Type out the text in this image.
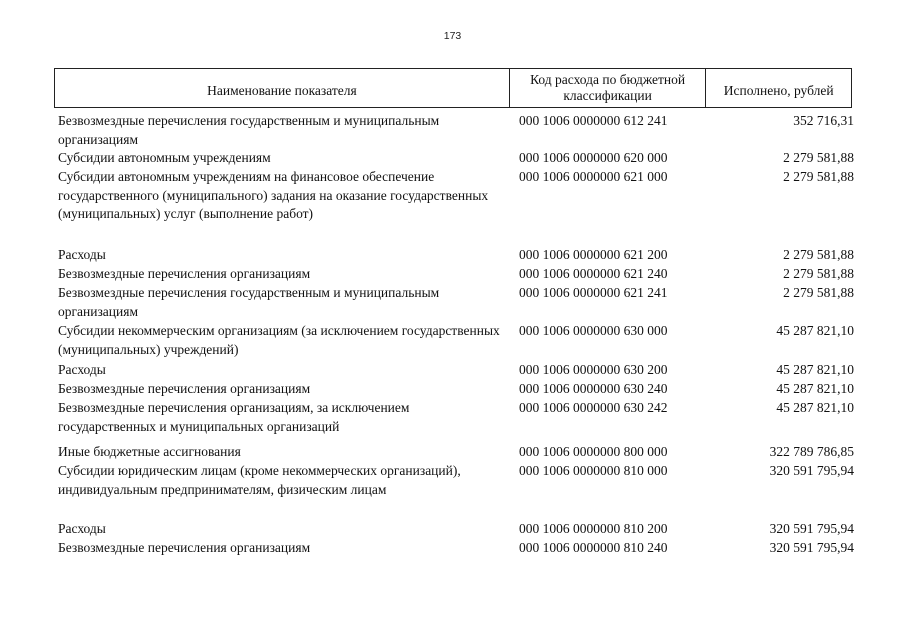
173
Наименование показателя
Код расхода по бюджетной классификации	Исполнено, рублей
Безвозмездные перечисления государственным и муниципальным организациям
000 1006 0000000 612 241	352 716,31
Субсидии автономным учреждениям	000 1006 0000000 620 000	2 279 581,88
Субсидии автономным учреждениям на финансовое обеспечение государственного (муниципального) задания на оказание государственных (муниципальных) услуг (выполнение работ)
000 1006 0000000 621 000	2 279 581,88
Расходы	000 1006 0000000 621 200	2 279 581,88
Безвозмездные перечисления организациям	000 1006 0000000 621 240	2 279 581,88
Безвозмездные перечисления государственным и муниципальным организациям
000 1006 0000000 621 241	2 279 581,88
Субсидии некоммерческим организациям (за исключением государственных (муниципальных) учреждений)
000 1006 0000000 630 000	45 287 821,10
Расходы	000 1006 0000000 630 200	45 287 821,10
Безвозмездные перечисления организациям	000 1006 0000000 630 240	45 287 821,10
Безвозмездные перечисления организациям, за исключением государственных и муниципальных организаций
000 1006 0000000 630 242	45 287 821,10
Иные бюджетные ассигнования	000 1006 0000000 800 000	322 789 786,85
Субсидии юридическим лицам (кроме некоммерческих организаций), индивидуальным предпринимателям, физическим лицам
000 1006 0000000 810 000	320 591 795,94
Расходы	000 1006 0000000 810 200	320 591 795,94
Безвозмездные перечисления организациям	000 1006 0000000 810 240	320 591 795,94
